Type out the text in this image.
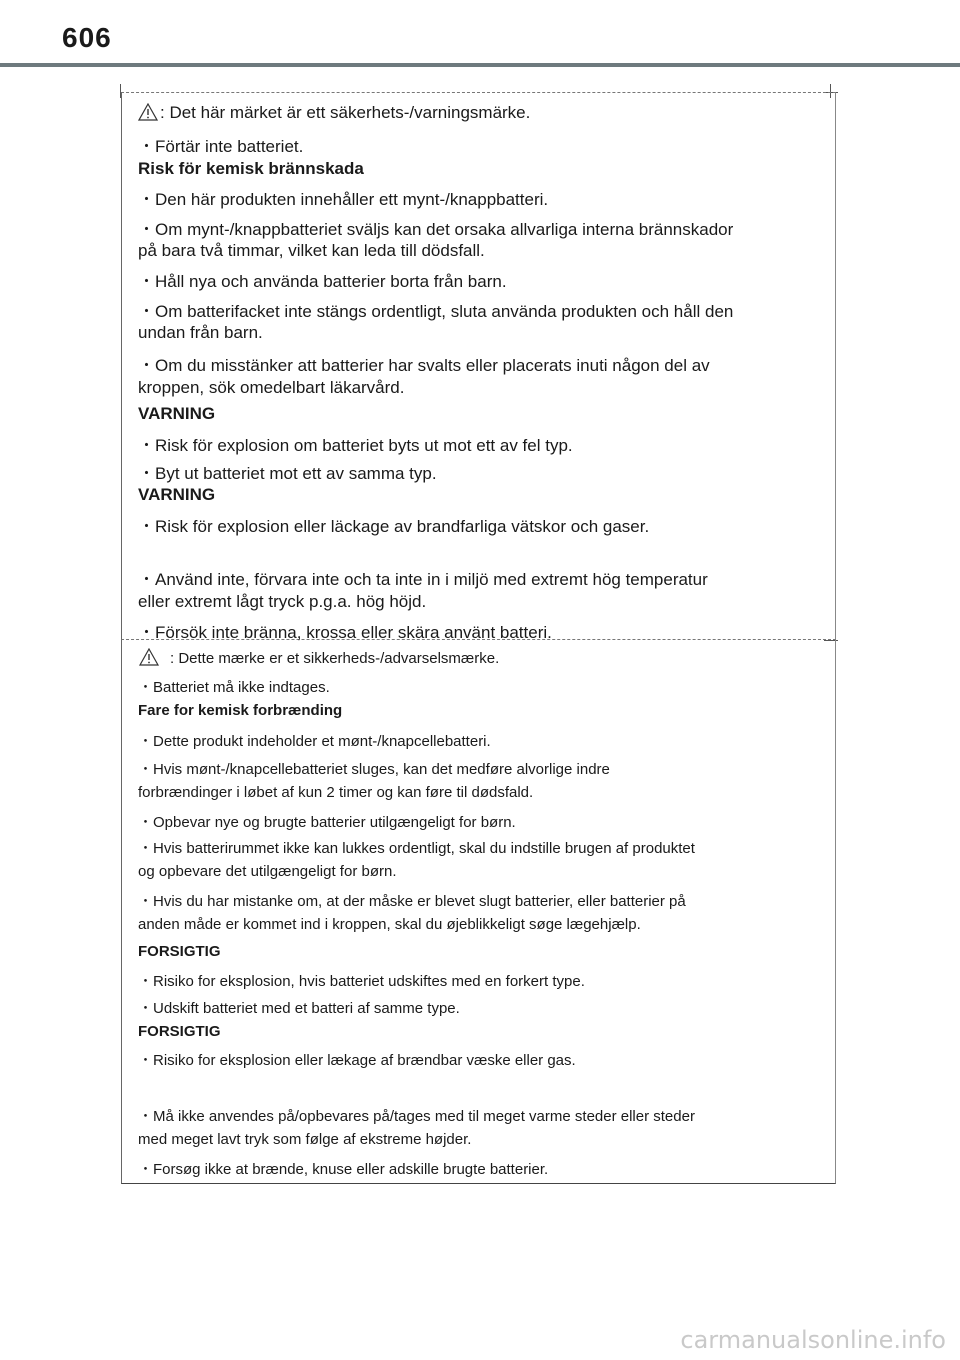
606
: Det här märket är ett säkerhets-/varningsmärke.
・Förtär inte batteriet.
Risk för kemisk brännskada
・Den här produkten innehåller ett mynt-/knappbatteri.
・Om mynt-/knappbatteriet sväljs kan det orsaka allvarliga interna brännskador
på bara två timmar, vilket kan leda till dödsfall.
・Håll nya och använda batterier borta från barn.
・Om batterifacket inte stängs ordentligt, sluta använda produkten och håll den
undan från barn.
・Om du misstänker att batterier har svalts eller placerats inuti någon del av
kroppen, sök omedelbart läkarvård.
VARNING
・Risk för explosion om batteriet byts ut mot ett av fel typ.
・Byt ut batteriet mot ett av samma typ.
VARNING
・Risk för explosion eller läckage av brandfarliga vätskor och gaser.
・Använd inte, förvara inte och ta inte in i miljö med extremt hög temperatur
eller extremt lågt tryck p.g.a. hög höjd.
・Försök inte bränna, krossa eller skära använt batteri.
: Dette mærke er et sikkerheds-/advarselsmærke.
・Batteriet må ikke indtages.
Fare for kemisk forbrænding
・Dette produkt indeholder et mønt-/knapcellebatteri.
・Hvis mønt-/knapcellebatteriet sluges, kan det medføre alvorlige indre
forbrændinger i løbet af kun 2 timer og kan føre til dødsfald.
・Opbevar nye og brugte batterier utilgængeligt for børn.
・Hvis batterirummet ikke kan lukkes ordentligt, skal du indstille brugen af produktet
og opbevare det utilgængeligt for børn.
・Hvis du har mistanke om, at der måske er blevet slugt batterier, eller batterier på
anden måde er kommet ind i kroppen, skal du øjeblikkeligt søge lægehjælp.
FORSIGTIG
・Risiko for eksplosion, hvis batteriet udskiftes med en forkert type.
・Udskift batteriet med et batteri af samme type.
FORSIGTIG
・Risiko for eksplosion eller lækage af brændbar væske eller gas.
・Må ikke anvendes på/opbevares på/tages med til meget varme steder eller steder
med meget lavt tryk som følge af ekstreme højder.
・Forsøg ikke at brænde, knuse eller adskille brugte batterier.
carmanualsonline.info
